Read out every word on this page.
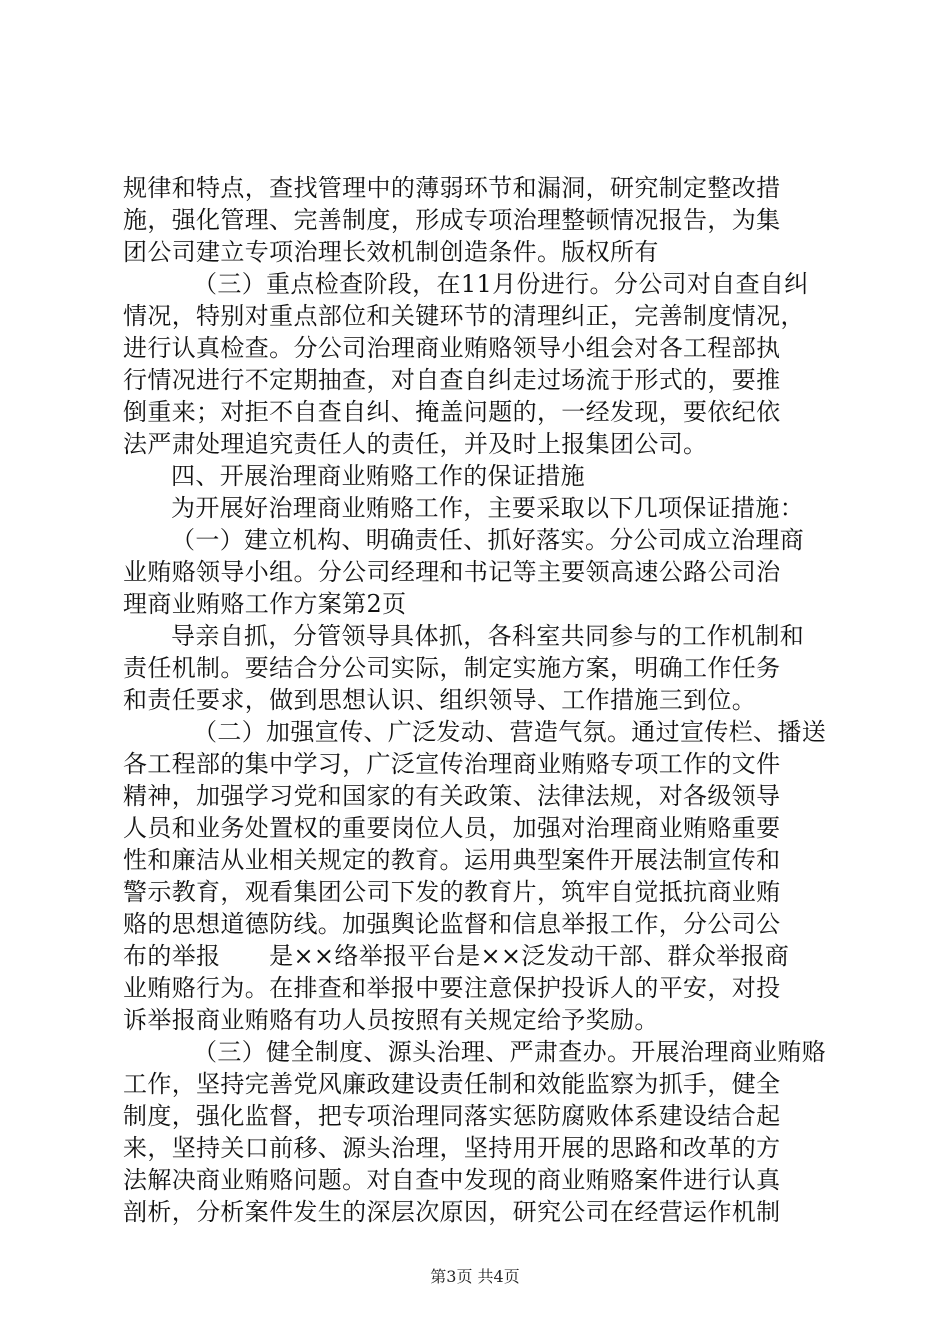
规律和特点，查找管理中的薄弱环节和漏洞，研究制定整改措
施，强化管理、完善制度，形成专项治理整顿情况报告，为集
团公司建立专项治理长效机制创造条件。版权所有
（三）重点检查阶段，在11月份进行。分公司对自查自纠
情况，特别对重点部位和关键环节的清理纠正，完善制度情况，
进行认真检查。分公司治理商业贿赂领导小组会对各工程部执
行情况进行不定期抽查，对自查自纠走过场流于形式的，要推
倒重来；对拒不自查自纠、掩盖问题的，一经发现，要依纪依
法严肃处理追究责任人的责任，并及时上报集团公司。
四、开展治理商业贿赂工作的保证措施
为开展好治理商业贿赂工作，主要采取以下几项保证措施：
（一）建立机构、明确责任、抓好落实。分公司成立治理商
业贿赂领导小组。分公司经理和书记等主要领高速公路公司治
理商业贿赂工作方案第2页
导亲自抓，分管领导具体抓，各科室共同参与的工作机制和
责任机制。要结合分公司实际，制定实施方案，明确工作任务
和责任要求，做到思想认识、组织领导、工作措施三到位。
（二）加强宣传、广泛发动、营造气氛。通过宣传栏、播送
各工程部的集中学习，广泛宣传治理商业贿赂专项工作的文件
精神，加强学习党和国家的有关政策、法律法规，对各级领导
人员和业务处置权的重要岗位人员，加强对治理商业贿赂重要
性和廉洁从业相关规定的教育。运用典型案件开展法制宣传和
警示教育，观看集团公司下发的教育片，筑牢自觉抵抗商业贿
赂的思想道德防线。加强舆论监督和信息举报工作，分公司公
布的举报　　是××络举报平台是××泛发动干部、群众举报商
业贿赂行为。在排查和举报中要注意保护投诉人的平安，对投
诉举报商业贿赂有功人员按照有关规定给予奖励。
（三）健全制度、源头治理、严肃查办。开展治理商业贿赂
工作，坚持完善党风廉政建设责任制和效能监察为抓手，健全
制度，强化监督，把专项治理同落实惩防腐败体系建设结合起
来，坚持关口前移、源头治理，坚持用开展的思路和改革的方
法解决商业贿赂问题。对自查中发现的商业贿赂案件进行认真
剖析，分析案件发生的深层次原因，研究公司在经营运作机制
第3页 共4页
